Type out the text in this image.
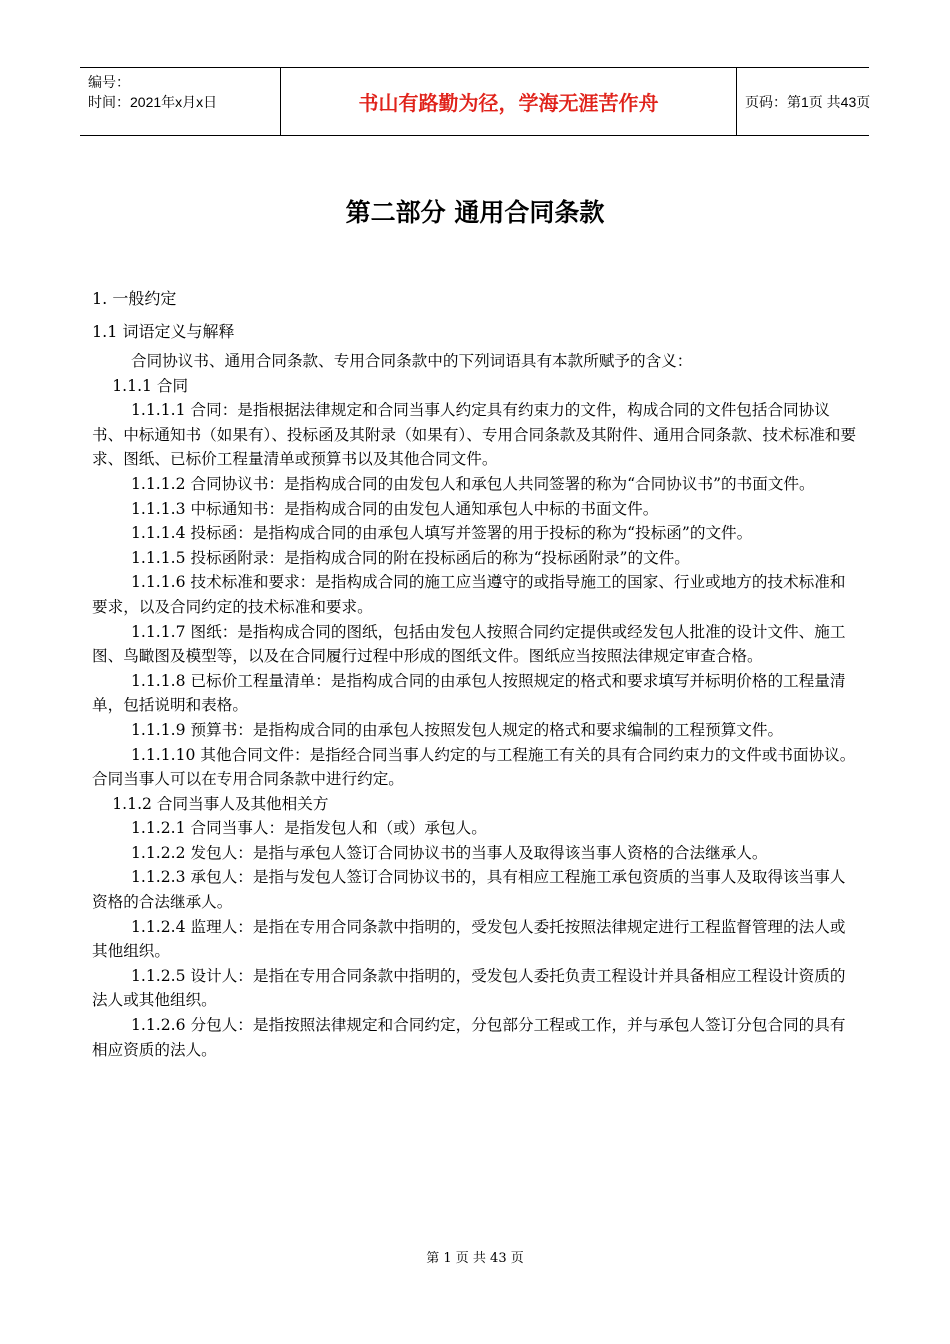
编号：
时间：2021年x月x日	书山有路勤为径，学海无涯苦作舟	页码：第1页 共43页
第二部分 通用合同条款
1. 一般约定
1.1 词语定义与解释

合同协议书、通用合同条款、专用合同条款中的下列词语具有本款所赋予的含义：

1.1.1 合同

1.1.1.1 合同：是指根据法律规定和合同当事人约定具有约束力的文件，构成合同的文件包括合同协议书、中标通知书（如果有）、投标函及其附录（如果有）、专用合同条款及其附件、通用合同条款、技术标准和要求、图纸、已标价工程量清单或预算书以及其他合同文件。

1.1.1.2 合同协议书：是指构成合同的由发包人和承包人共同签署的称为“合同协议书”的书面文件。

1.1.1.3 中标通知书：是指构成合同的由发包人通知承包人中标的书面文件。

1.1.1.4 投标函：是指构成合同的由承包人填写并签署的用于投标的称为“投标函”的文件。

1.1.1.5 投标函附录：是指构成合同的附在投标函后的称为“投标函附录”的文件。

1.1.1.6 技术标准和要求：是指构成合同的施工应当遵守的或指导施工的国家、行业或地方的技术标准和要求，以及合同约定的技术标准和要求。

1.1.1.7 图纸：是指构成合同的图纸，包括由发包人按照合同约定提供或经发包人批准的设计文件、施工图、鸟瞰图及模型等，以及在合同履行过程中形成的图纸文件。图纸应当按照法律规定审查合格。

1.1.1.8 已标价工程量清单：是指构成合同的由承包人按照规定的格式和要求填写并标明价格的工程量清单，包括说明和表格。

1.1.1.9 预算书：是指构成合同的由承包人按照发包人规定的格式和要求编制的工程预算文件。

1.1.1.10 其他合同文件：是指经合同当事人约定的与工程施工有关的具有合同约束力的文件或书面协议。合同当事人可以在专用合同条款中进行约定。

1.1.2 合同当事人及其他相关方

1.1.2.1 合同当事人：是指发包人和（或）承包人。

1.1.2.2 发包人：是指与承包人签订合同协议书的当事人及取得该当事人资格的合法继承人。

1.1.2.3 承包人：是指与发包人签订合同协议书的，具有相应工程施工承包资质的当事人及取得该当事人资格的合法继承人。

1.1.2.4 监理人：是指在专用合同条款中指明的，受发包人委托按照法律规定进行工程监督管理的法人或其他组织。

1.1.2.5 设计人：是指在专用合同条款中指明的，受发包人委托负责工程设计并具备相应工程设计资质的法人或其他组织。

1.1.2.6 分包人：是指按照法律规定和合同约定，分包部分工程或工作，并与承包人签订分包合同的具有相应资质的法人。

第 1 页 共 43 页
